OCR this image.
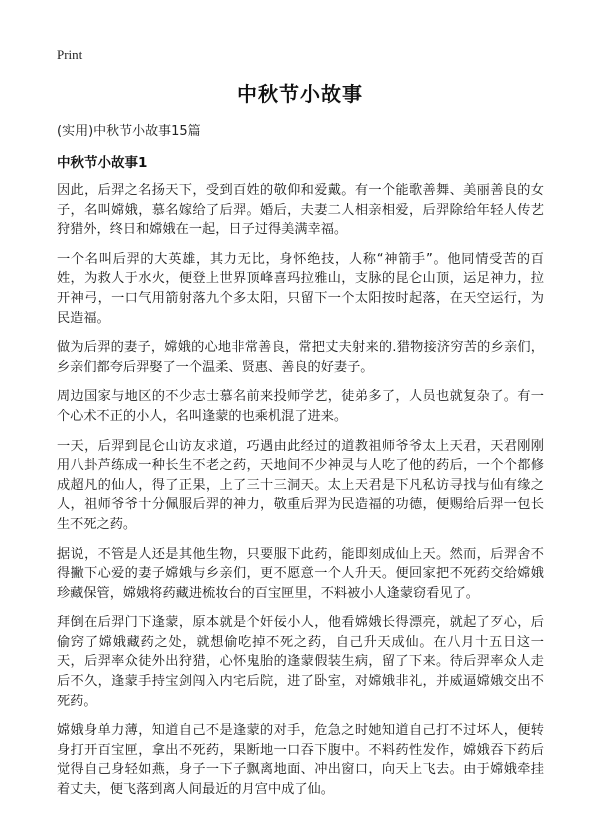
Print
中秋节小故事
(实用)中秋节小故事15篇
中秋节小故事1

因此，后羿之名扬天下，受到百姓的敬仰和爱戴。有一个能歌善舞、美丽善良的女子，名叫嫦娥，慕名嫁给了后羿。婚后，夫妻二人相亲相爱，后羿除给年轻人传艺狩猎外，终日和嫦娥在一起，日子过得美满幸福。

一个名叫后羿的大英雄，其力无比，身怀绝技，人称“神箭手”。他同情受苦的百姓，为救人于水火，便登上世界顶峰喜玛拉雅山，支脉的昆仑山顶，运足神力，拉开神弓，一口气用箭射落九个多太阳，只留下一个太阳按时起落，在天空运行，为民造福。

做为后羿的妻子，嫦娥的心地非常善良，常把丈夫射来的.猎物接济穷苦的乡亲们，乡亲们都夸后羿娶了一个温柔、贤惠、善良的好妻子。

周边国家与地区的不少志士慕名前来投师学艺，徒弟多了，人员也就复杂了。有一个心术不正的小人，名叫逢蒙的也乘机混了进来。

一天，后羿到昆仑山访友求道，巧遇由此经过的道教祖师爷爷太上天君，天君刚刚用八卦芦练成一种长生不老之药，天地间不少神灵与人吃了他的药后，一个个都修成超凡的仙人，得了正果，上了三十三洞天。太上天君是下凡私访寻找与仙有缘之人，祖师爷爷十分佩服后羿的神力，敬重后羿为民造福的功德，便赐给后羿一包长生不死之药。

据说，不管是人还是其他生物，只要服下此药，能即刻成仙上天。然而，后羿舍不得撇下心爱的妻子嫦娥与乡亲们，更不愿意一个人升天。便回家把不死药交给嫦娥珍藏保管，嫦娥将药藏进梳妆台的百宝匣里，不料被小人逢蒙窃看见了。

拜倒在后羿门下逢蒙，原本就是个奸佞小人，他看嫦娥长得漂亮，就起了歹心，后偷窍了嫦娥藏药之处，就想偷吃掉不死之药，自己升天成仙。在八月十五日这一天，后羿率众徒外出狩猎，心怀鬼胎的逢蒙假装生病，留了下来。待后羿率众人走后不久，逢蒙手持宝剑闯入内宅后院，进了卧室，对嫦娥非礼，并威逼嫦娥交出不死药。

嫦娥身单力薄，知道自己不是逢蒙的对手，危急之时她知道自己打不过坏人，便转身打开百宝匣，拿出不死药，果断地一口吞下腹中。不料药性发作，嫦娥吞下药后觉得自己身轻如燕，身子一下子飘离地面、冲出窗口，向天上飞去。由于嫦娥牵挂着丈夫，便飞落到离人间最近的月宫中成了仙。
